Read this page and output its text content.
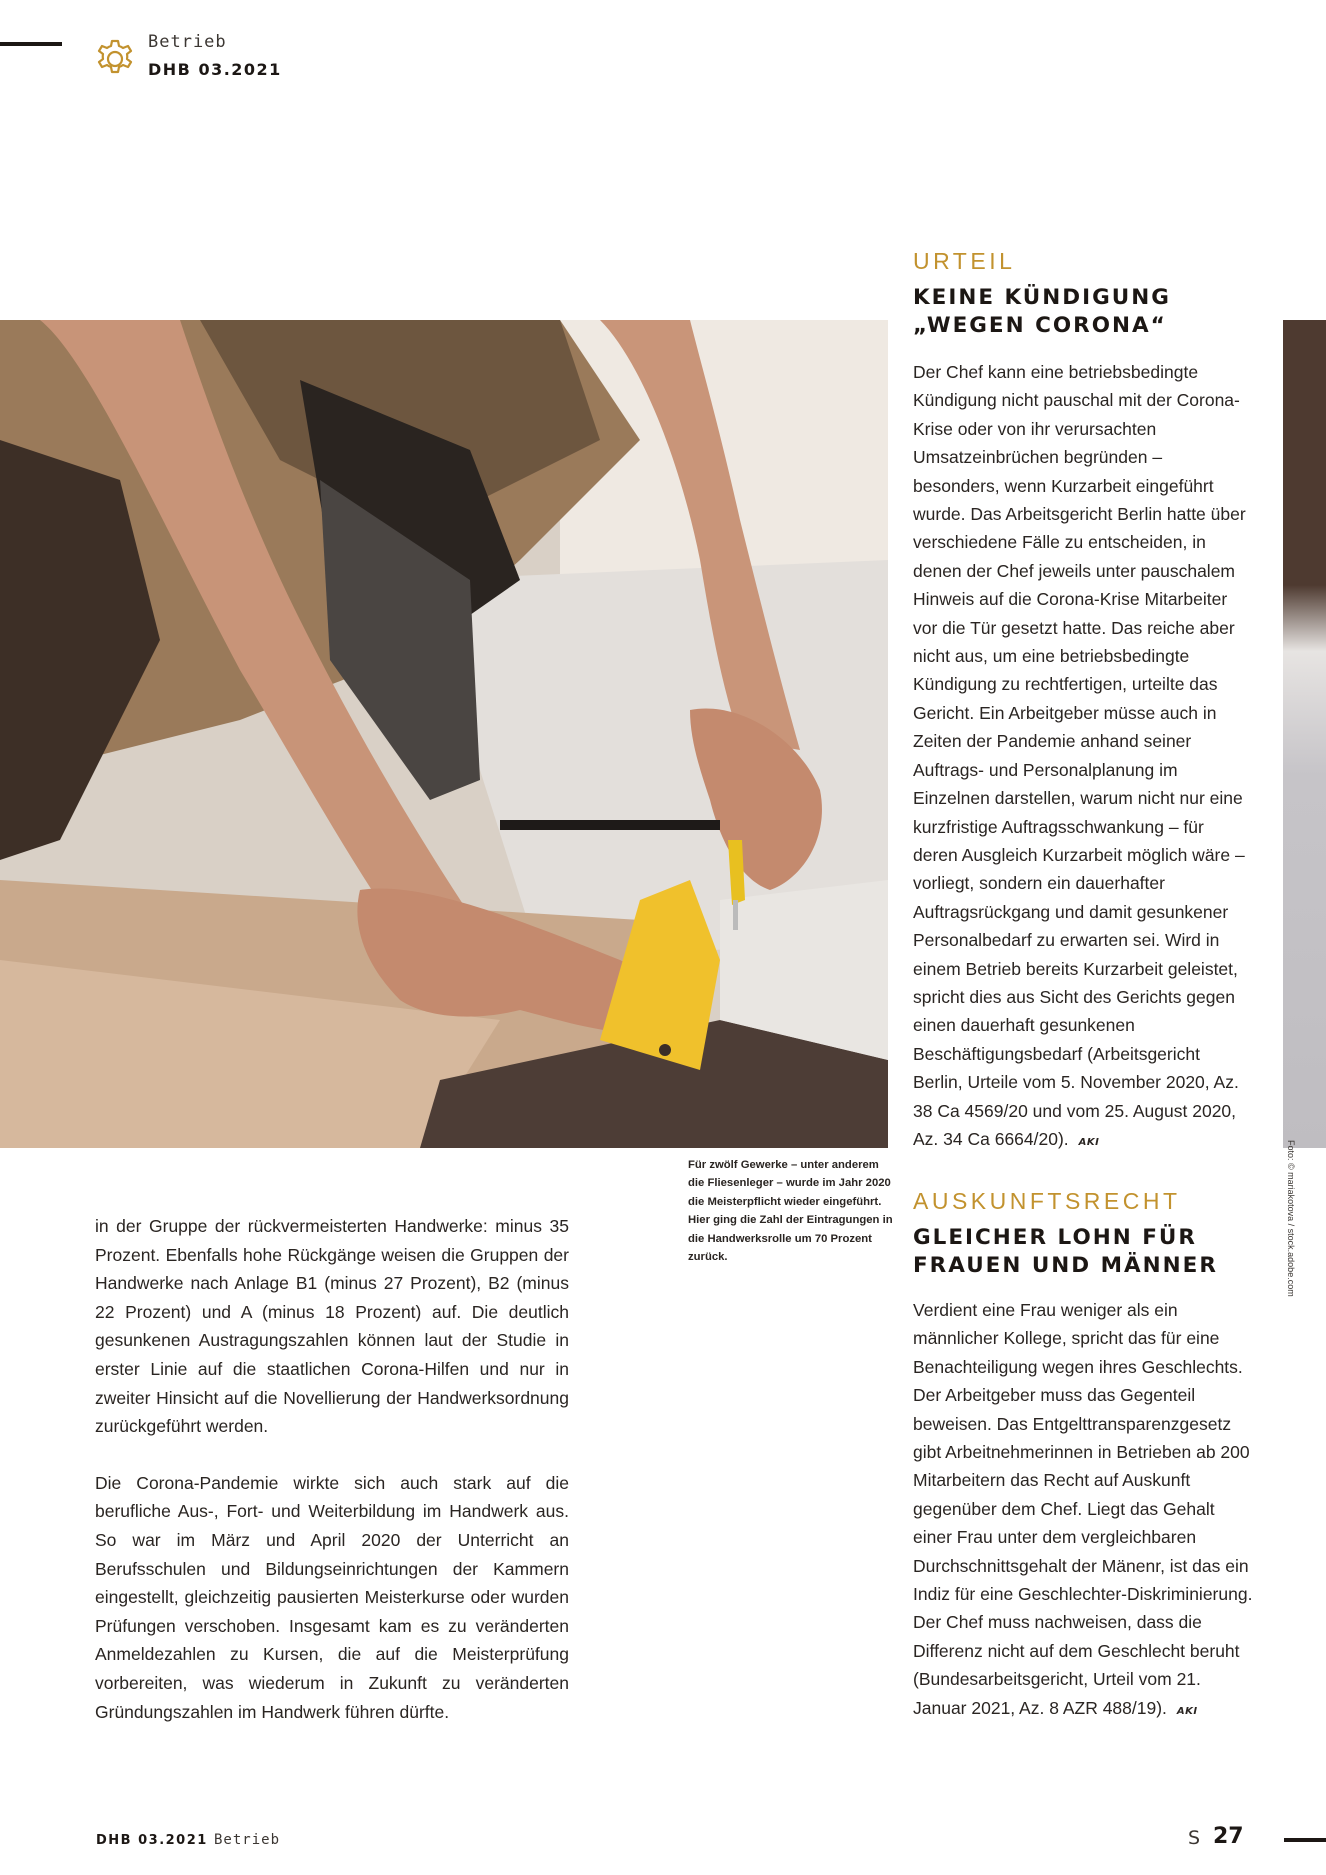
Betrieb
DHB 03.2021
Foto: © mariakotova / stock.adobe.com
Für zwölf Gewerke – unter anderem die Fliesenleger – wurde im Jahr 2020 die Meisterpflicht wieder eingeführt. Hier ging die Zahl der Eintragungen in die Handwerksrolle um 70 Prozent zurück.

in der Gruppe der rückvermeisterten Handwerke: minus 35 Prozent. Ebenfalls hohe Rückgänge weisen die Gruppen der Handwerke nach Anlage B1 (minus 27 Prozent), B2 (minus 22 Prozent) und A (minus 18 Prozent) auf. Die deutlich gesunkenen Austragungszahlen können laut der Studie in erster Linie auf die staatlichen Corona-Hilfen und nur in zweiter Hinsicht auf die Novellierung der Handwerksordnung zurückgeführt werden.

Die Corona-Pandemie wirkte sich auch stark auf die berufliche Aus-, Fort- und Weiterbildung im Handwerk aus. So war im März und April 2020 der Unterricht an Berufsschulen und Bildungseinrichtungen der Kammern eingestellt, gleichzeitig pausierten Meisterkurse oder wurden Prüfungen verschoben. Insgesamt kam es zu veränderten Anmeldezahlen zu Kursen, die auf die Meisterprüfung vorbereiten, was wiederum in Zukunft zu veränderten Gründungszahlen im Handwerk führen dürfte.

URTEIL
KEINE KÜNDIGUNG
„WEGEN CORONA“
Der Chef kann eine betriebsbedingte Kündigung nicht pauschal mit der Corona-Krise oder von ihr verursachten Umsatzeinbrüchen begründen – besonders, wenn Kurzarbeit eingeführt wurde. Das Arbeitsgericht Berlin hatte über verschiedene Fälle zu entscheiden, in denen der Chef jeweils unter pauschalem Hinweis auf die Corona-Krise Mitarbeiter vor die Tür gesetzt hatte. Das reiche aber nicht aus, um eine betriebsbedingte Kündigung zu rechtfertigen, urteilte das Gericht. Ein Arbeitgeber müsse auch in Zeiten der Pandemie anhand seiner Auftrags- und Personalplanung im Einzelnen darstellen, warum nicht nur eine kurzfristige Auftragsschwankung – für deren Ausgleich Kurzarbeit möglich wäre – vorliegt, sondern ein dauerhafter Auftragsrückgang und damit gesunkener Personalbedarf zu erwarten sei. Wird in einem Betrieb bereits Kurzarbeit geleistet, spricht dies aus Sicht des Gerichts gegen einen dauerhaft gesunkenen Beschäftigungsbedarf (Arbeitsgericht Berlin, Urteile vom 5. November 2020, Az. 38 Ca 4569/20 und vom 25. August 2020, Az. 34 Ca 6664/20). AKI
AUSKUNFTSRECHT
GLEICHER LOHN FÜR
FRAUEN UND MÄNNER
Verdient eine Frau weniger als ein männlicher Kollege, spricht das für eine Benachteiligung wegen ihres Geschlechts. Der Arbeitgeber muss das Gegenteil beweisen. Das Entgelttransparenzgesetz gibt Arbeitnehmerinnen in Betrieben ab 200 Mitarbeitern das Recht auf Auskunft gegenüber dem Chef. Liegt das Gehalt einer Frau unter dem vergleichbaren Durchschnittsgehalt der Mänenr, ist das ein Indiz für eine Geschlechter-Diskriminierung. Der Chef muss nachweisen, dass die Differenz nicht auf dem Geschlecht beruht (Bundesarbeitsgericht, Urteil vom 21. Januar 2021, Az. 8 AZR 488/19). AKI
DHB 03.2021 Betrieb	S 27
